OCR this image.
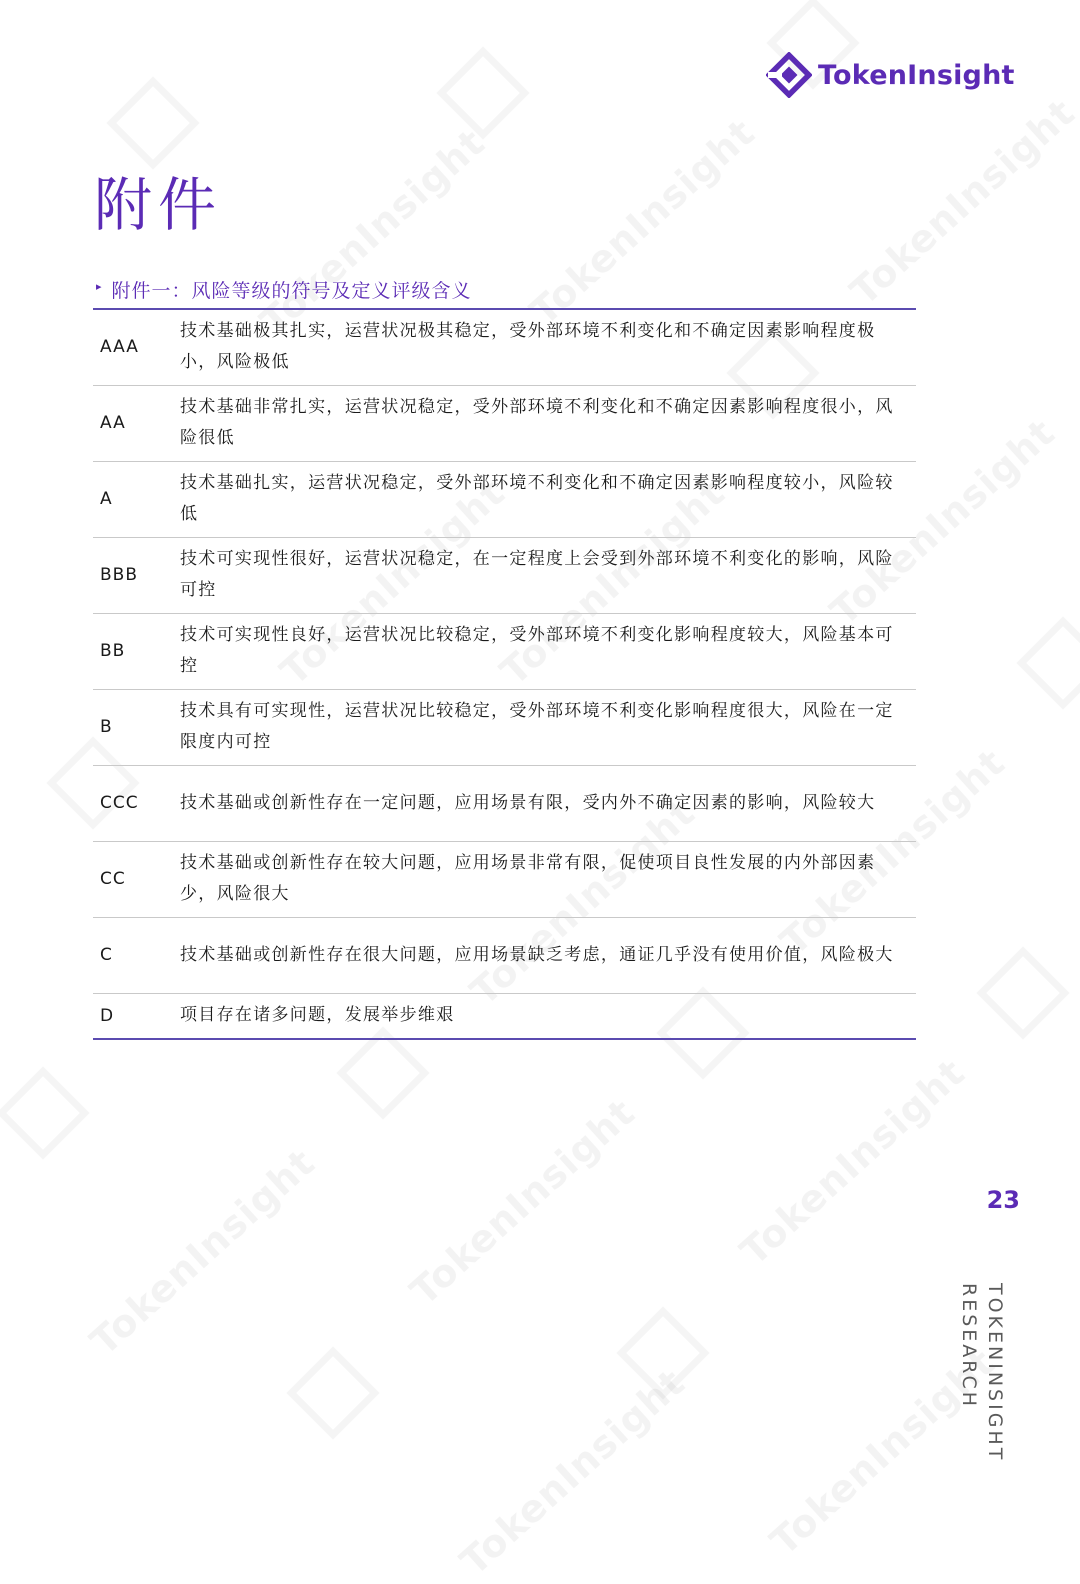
TokenInsight
附件
▸ 附件一：风险等级的符号及定义评级含义
AAA	技术基础极其扎实，运营状况极其稳定，受外部环境不利变化和不确定因素影响程度极小，风险极低
AA	技术基础非常扎实，运营状况稳定，受外部环境不利变化和不确定因素影响程度很小，风险很低
A	技术基础扎实，运营状况稳定，受外部环境不利变化和不确定因素影响程度较小，风险较低
BBB	技术可实现性很好，运营状况稳定，在一定程度上会受到外部环境不利变化的影响，风险可控
BB	技术可实现性良好，运营状况比较稳定，受外部环境不利变化影响程度较大，风险基本可控
B	技术具有可实现性，运营状况比较稳定，受外部环境不利变化影响程度很大，风险在一定限度内可控
CCC	技术基础或创新性存在一定问题，应用场景有限，受内外不确定因素的影响，风险较大
CC	技术基础或创新性存在较大问题，应用场景非常有限，促使项目良性发展的内外部因素少，风险很大
C	技术基础或创新性存在很大问题，应用场景缺乏考虑，通证几乎没有使用价值，风险极大
D	项目存在诸多问题，发展举步维艰
23
TOKENINSIGHT
RESEARCH
